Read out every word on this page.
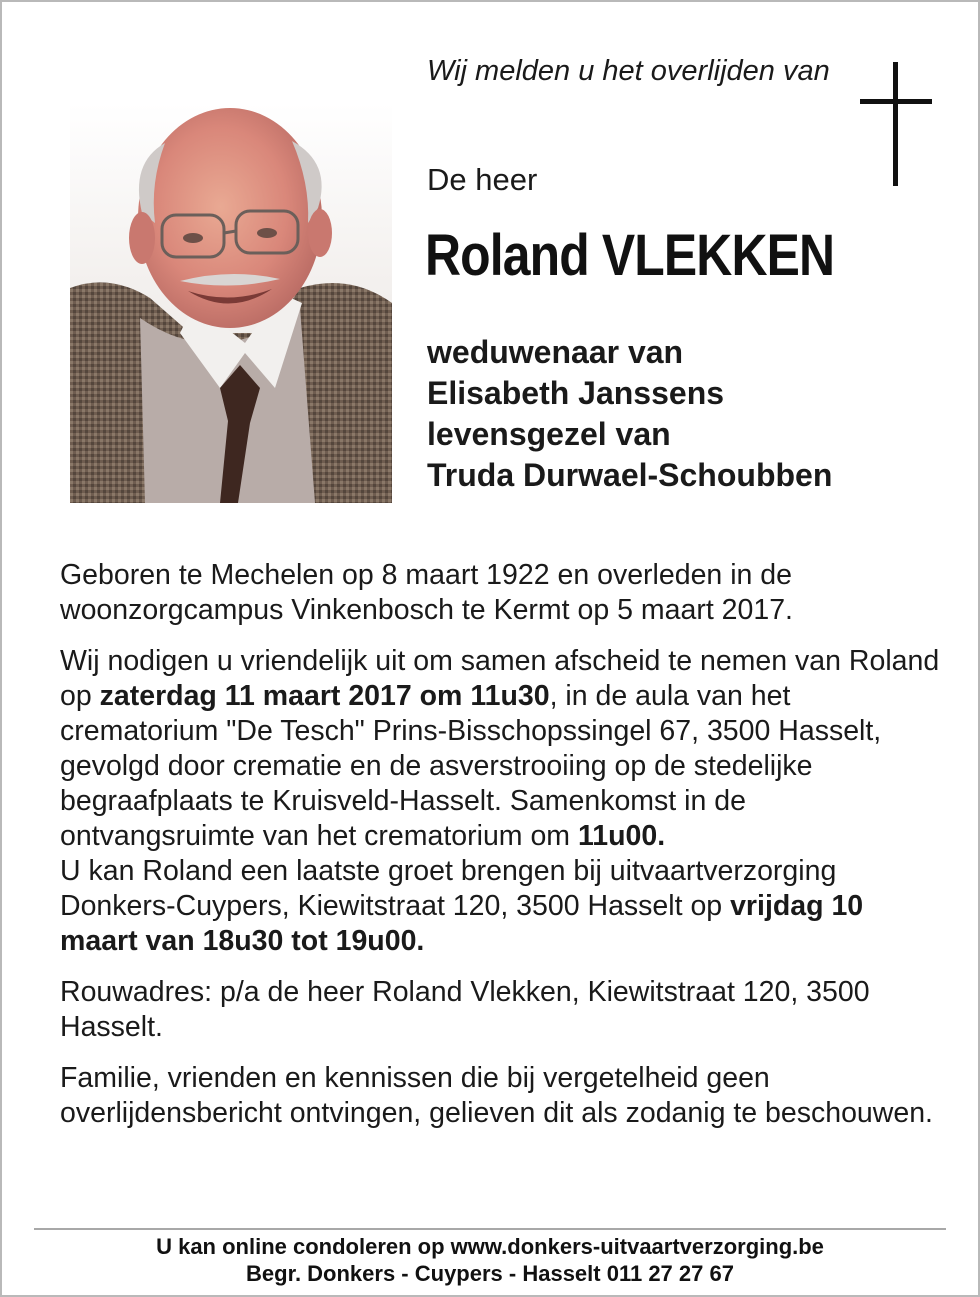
Wij melden u het overlijden van
De heer
Roland VLEKKEN
weduwenaar van
Elisabeth Janssens
levensgezel van
Truda Durwael-Schoubben

Geboren te Mechelen op 8 maart 1922 en overleden in de woonzorgcampus Vinkenbosch te Kermt op 5 maart 2017.

Wij nodigen u vriendelijk uit om samen afscheid te nemen van Roland op zaterdag 11 maart 2017 om 11u30, in de aula van het crematorium "De Tesch" Prins-Bisschopssingel 67, 3500 Hasselt, gevolgd door crematie en de asverstrooiing op de stedelijke begraafplaats te Kruisveld-Hasselt. Samenkomst in de ontvangsruimte van het crematorium om 11u00.
U kan Roland een laatste groet brengen bij uitvaartverzorging Donkers-Cuypers, Kiewitstraat 120, 3500 Hasselt op vrijdag 10 maart van 18u30 tot 19u00.

Rouwadres: p/a de heer Roland Vlekken, Kiewitstraat 120, 3500 Hasselt.

Familie, vrienden en kennissen die bij vergetelheid geen overlijdensbericht ontvingen, gelieven dit als zodanig te beschouwen.

U kan online condoleren op www.donkers-uitvaartverzorging.be
Begr. Donkers - Cuypers - Hasselt 011 27 27 67
